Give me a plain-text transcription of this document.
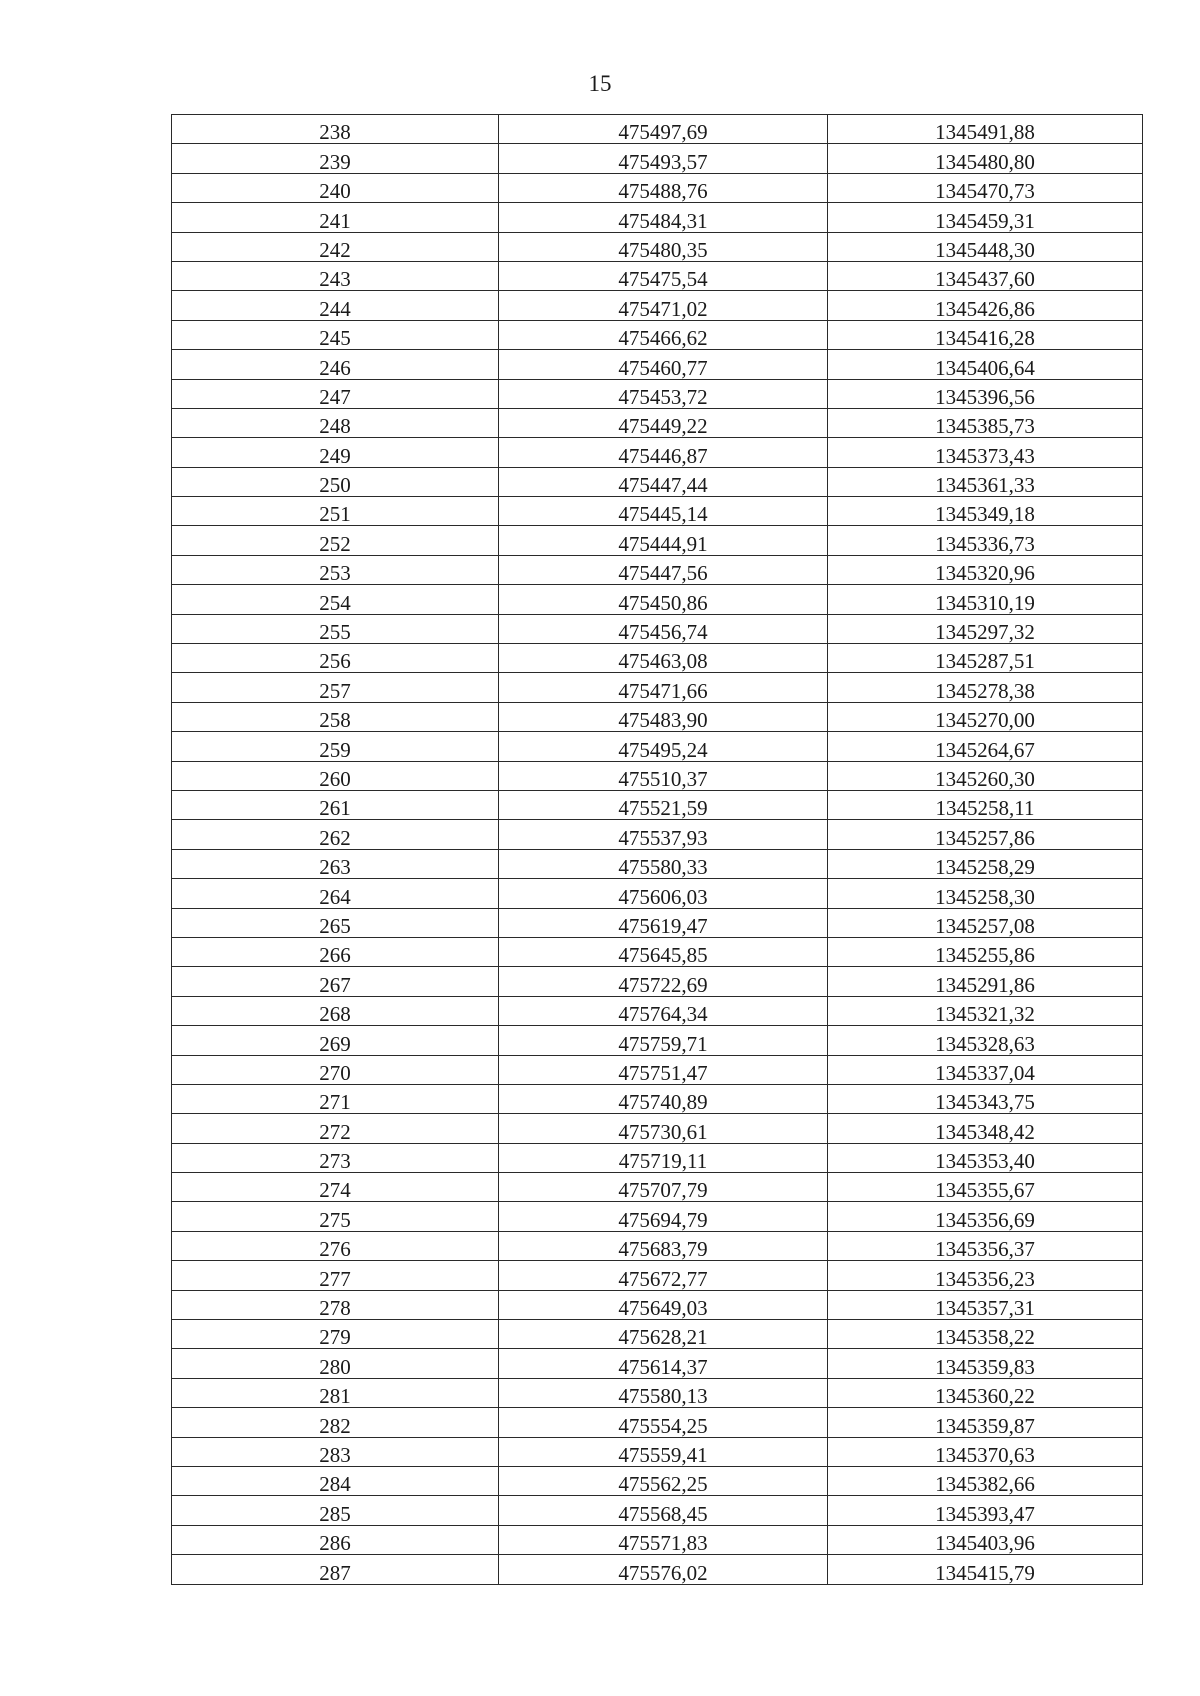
15
238	475497,69	1345491,88
239	475493,57	1345480,80
240	475488,76	1345470,73
241	475484,31	1345459,31
242	475480,35	1345448,30
243	475475,54	1345437,60
244	475471,02	1345426,86
245	475466,62	1345416,28
246	475460,77	1345406,64
247	475453,72	1345396,56
248	475449,22	1345385,73
249	475446,87	1345373,43
250	475447,44	1345361,33
251	475445,14	1345349,18
252	475444,91	1345336,73
253	475447,56	1345320,96
254	475450,86	1345310,19
255	475456,74	1345297,32
256	475463,08	1345287,51
257	475471,66	1345278,38
258	475483,90	1345270,00
259	475495,24	1345264,67
260	475510,37	1345260,30
261	475521,59	1345258,11
262	475537,93	1345257,86
263	475580,33	1345258,29
264	475606,03	1345258,30
265	475619,47	1345257,08
266	475645,85	1345255,86
267	475722,69	1345291,86
268	475764,34	1345321,32
269	475759,71	1345328,63
270	475751,47	1345337,04
271	475740,89	1345343,75
272	475730,61	1345348,42
273	475719,11	1345353,40
274	475707,79	1345355,67
275	475694,79	1345356,69
276	475683,79	1345356,37
277	475672,77	1345356,23
278	475649,03	1345357,31
279	475628,21	1345358,22
280	475614,37	1345359,83
281	475580,13	1345360,22
282	475554,25	1345359,87
283	475559,41	1345370,63
284	475562,25	1345382,66
285	475568,45	1345393,47
286	475571,83	1345403,96
287	475576,02	1345415,79
